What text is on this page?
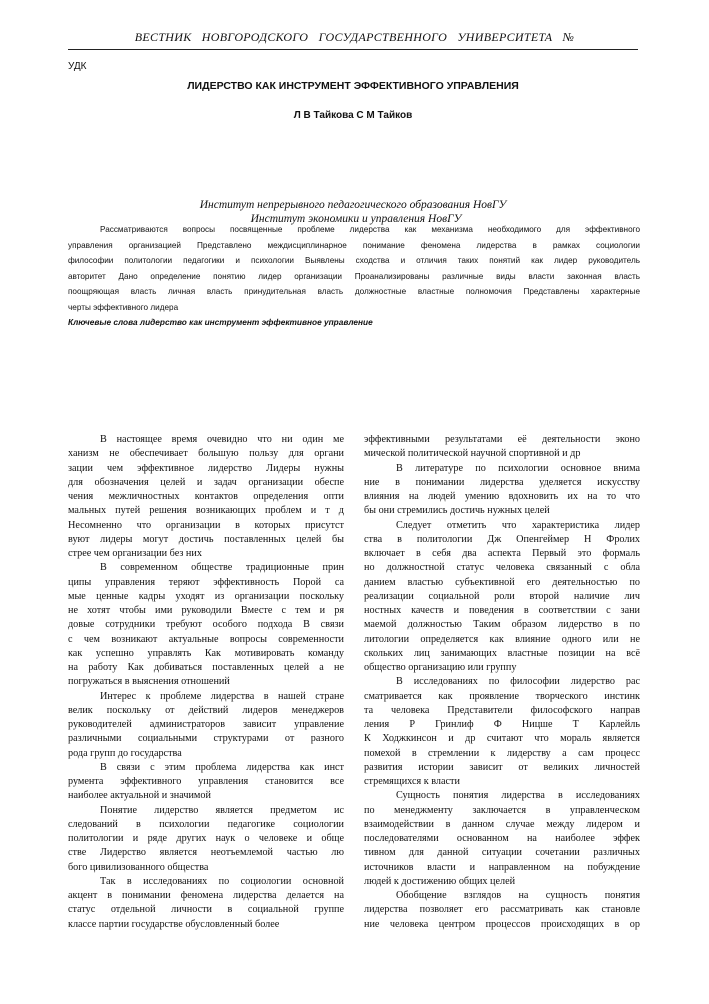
ВЕСТНИК НОВГОРОДСКОГО ГОСУДАРСТВЕННОГО УНИВЕРСИТЕТА №
УДК
ЛИДЕРСТВО КАК ИНСТРУМЕНТ ЭФФЕКТИВНОГО УПРАВЛЕНИЯ
Л В Тайкова С М Тайков
Институт непрерывного педагогического образования НовГУ
Институт экономики и управления НовГУ
Рассматриваются вопросы посвященные проблеме лидерства как механизма необходимого для эффективного
управления организацией Представлено междисциплинарное понимание феномена лидерства в рамках социологии
философии политологии педагогики и психологии Выявлены сходства и отличия таких понятий как лидер руководитель
авторитет Дано определение понятию лидер организации Проанализированы различные виды власти законная власть
поощряющая власть личная власть принудительная власть должностные властные полномочия Представлены характерные
черты эффективного лидера
Ключевые слова лидерство как инструмент эффективное управление
В настоящее время очевидно что ни один ме
ханизм не обеспечивает большую пользу для органи
зации чем эффективное лидерство Лидеры нужны
для обозначения целей и задач организации обеспе
чения межличностных контактов определения опти
мальных путей решения возникающих проблем и т д
Несомненно что организации в которых присутст
вуют лидеры могут достичь поставленных целей бы
стрее чем организации без них
В современном обществе традиционные прин
ципы управления теряют эффективность Порой са
мые ценные кадры уходят из организации поскольку
не хотят чтобы ими руководили Вместе с тем и ря
довые сотрудники требуют особого подхода В связи
с чем возникают актуальные вопросы современности
как успешно управлять Как мотивировать команду
на работу Как добиваться поставленных целей а не
погружаться в выяснения отношений
Интерес к проблеме лидерства в нашей стране
велик поскольку от действий лидеров менеджеров
руководителей администраторов зависит управление
различными социальными структурами от разного
рода групп до государства
В связи с этим проблема лидерства как инст
румента эффективного управления становится все
наиболее актуальной и значимой
Понятие лидерство является предметом ис
следований в психологии педагогике социологии
политологии и ряде других наук о человеке и обще
стве Лидерство является неотъемлемой частью лю
бого цивилизованного общества
Так в исследованиях по социологии основной
акцент в понимании феномена лидерства делается на
статус отдельной личности в социальной группе
классе партии государстве обусловленный более
эффективными результатами её деятельности эконо
мической политической научной спортивной и др
В литературе по психологии основное внима
ние в понимании лидерства уделяется искусству
влияния на людей умению вдохновить их на то что
бы они стремились достичь нужных целей
Следует отметить что характеристика лидер
ства в политологии Дж Опенгеймер Н Фролих
включает в себя два аспекта Первый это формаль
но должностной статус человека связанный с обла
данием властью субъективной его деятельностью по
реализации социальной роли второй наличие лич
ностных качеств и поведения в соответствии с зани
маемой должностью Таким образом лидерство в по
литологии определяется как влияние одного или не
скольких лиц занимающих властные позиции на всё
общество организацию или группу
В исследованиях по философии лидерство рас
сматривается как проявление творческого инстинк
та человека Представители философского направ
ления Р Гринлиф Ф Ницше Т Карлейль
К Ходжкинсон и др считают что мораль является
помехой в стремлении к лидерству а сам процесс
развития истории зависит от великих личностей
стремящихся к власти
Сущность понятия лидерства в исследованиях
по менеджменту заключается в управленческом
взаимодействии в данном случае между лидером и
последователями основанном на наиболее эффек
тивном для данной ситуации сочетании различных
источников власти и направленном на побуждение
людей к достижению общих целей
Обобщение взглядов на сущность понятия
лидерства позволяет его рассматривать как становле
ние человека центром процессов происходящих в ор
